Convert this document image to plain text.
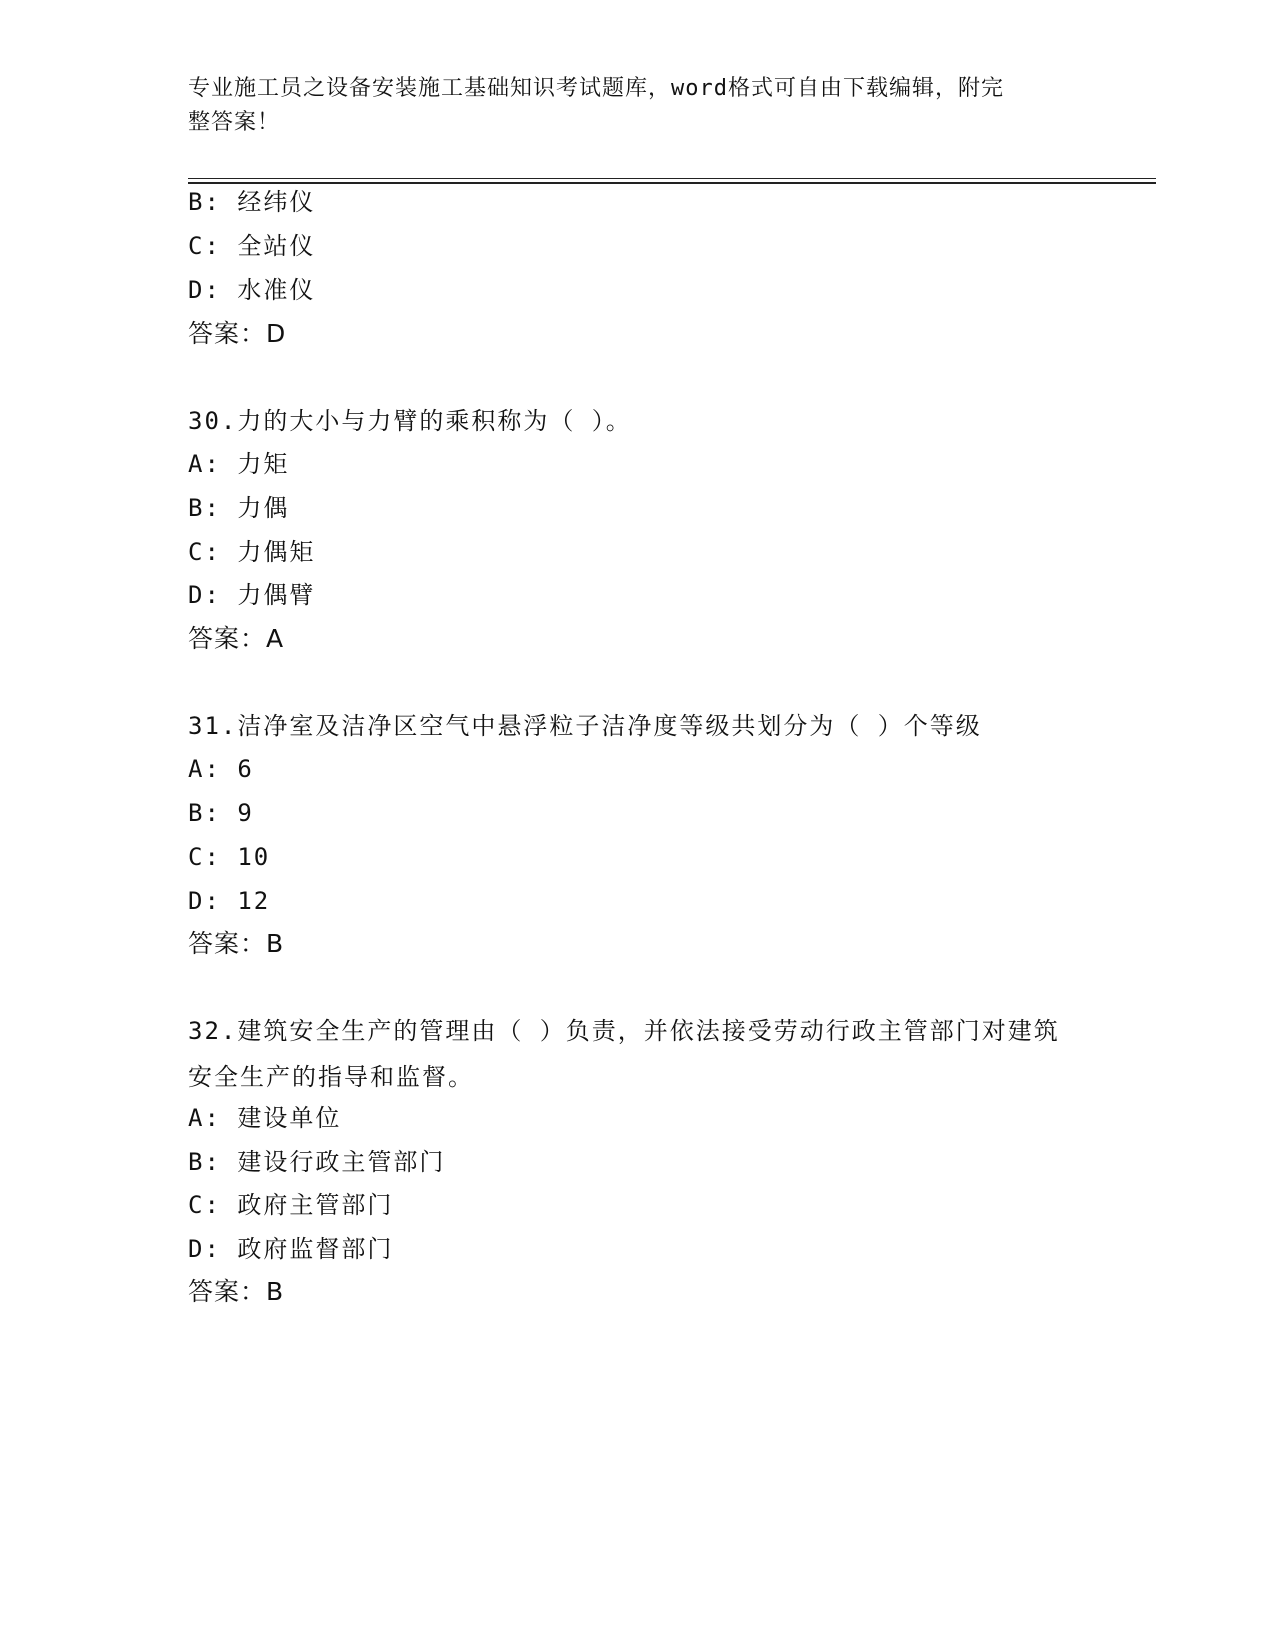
专业施工员之设备安装施工基础知识考试题库，word格式可自由下载编辑，附完
整答案！
B: 经纬仪
C: 全站仪
D: 水准仪
答案：D
30.力的大小与力臂的乘积称为（ ）。
A: 力矩
B: 力偶
C: 力偶矩
D: 力偶臂
答案：A
31.洁净室及洁净区空气中悬浮粒子洁净度等级共划分为（ ）个等级
A: 6
B: 9
C: 10
D: 12
答案：B
32.建筑安全生产的管理由（ ）负责，并依法接受劳动行政主管部门对建筑安全生产的指导和监督。
A: 建设单位
B: 建设行政主管部门
C: 政府主管部门
D: 政府监督部门
答案：B
